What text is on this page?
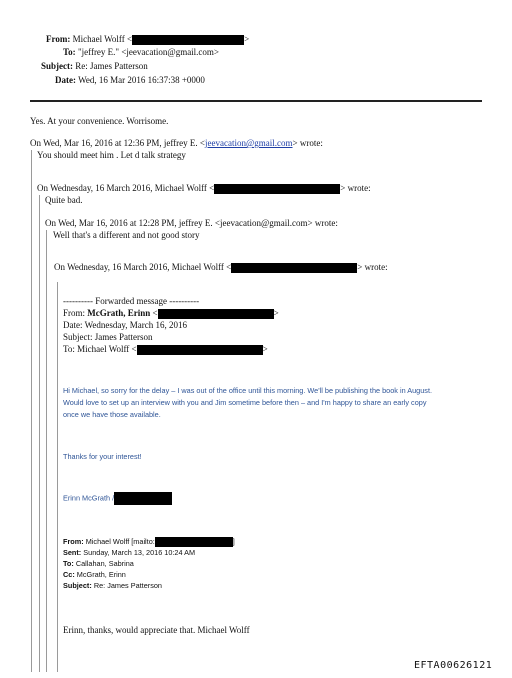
From: Michael Wolff <	>
To: "jeffrey E." <jeevacation@gmail.com>
Subject: Re: James Patterson
Date: Wed, 16 Mar 2016 16:37:38 +0000
Yes. At your convenience. Worrisome.
On Wed, Mar 16, 2016 at 12:36 PM, jeffrey E. <jeevacation@gmail.com> wrote:
You should meet him . Let d talk strategy
On Wednesday, 16 March 2016, Michael Wolff <	> wrote:
Quite bad.
On Wed, Mar 16, 2016 at 12:28 PM, jeffrey E. <jeevacation@gmail.com> wrote:
Well that's a different and not good story
On Wednesday, 16 March 2016, Michael Wolff <	> wrote:
---------- Forwarded message ----------
From: McGrath, Erinn <	>
Date: Wednesday, March 16, 2016
Subject: James Patterson
To: Michael Wolff <	>
Hi Michael, so sorry for the delay – I was out of the office until this morning. We'll be publishing the book in August.
Would love to set up an interview with you and Jim sometime before then – and I'm happy to share an early copy
once we have those available.
Thanks for your interest!
Erinn McGrath /
From: Michael Wolff [mailto:	]
Sent: Sunday, March 13, 2016 10:24 AM
To: Callahan, Sabrina
Cc: McGrath, Erinn
Subject: Re: James Patterson
Erinn, thanks, would appreciate that. Michael Wolff
EFTA00626121
